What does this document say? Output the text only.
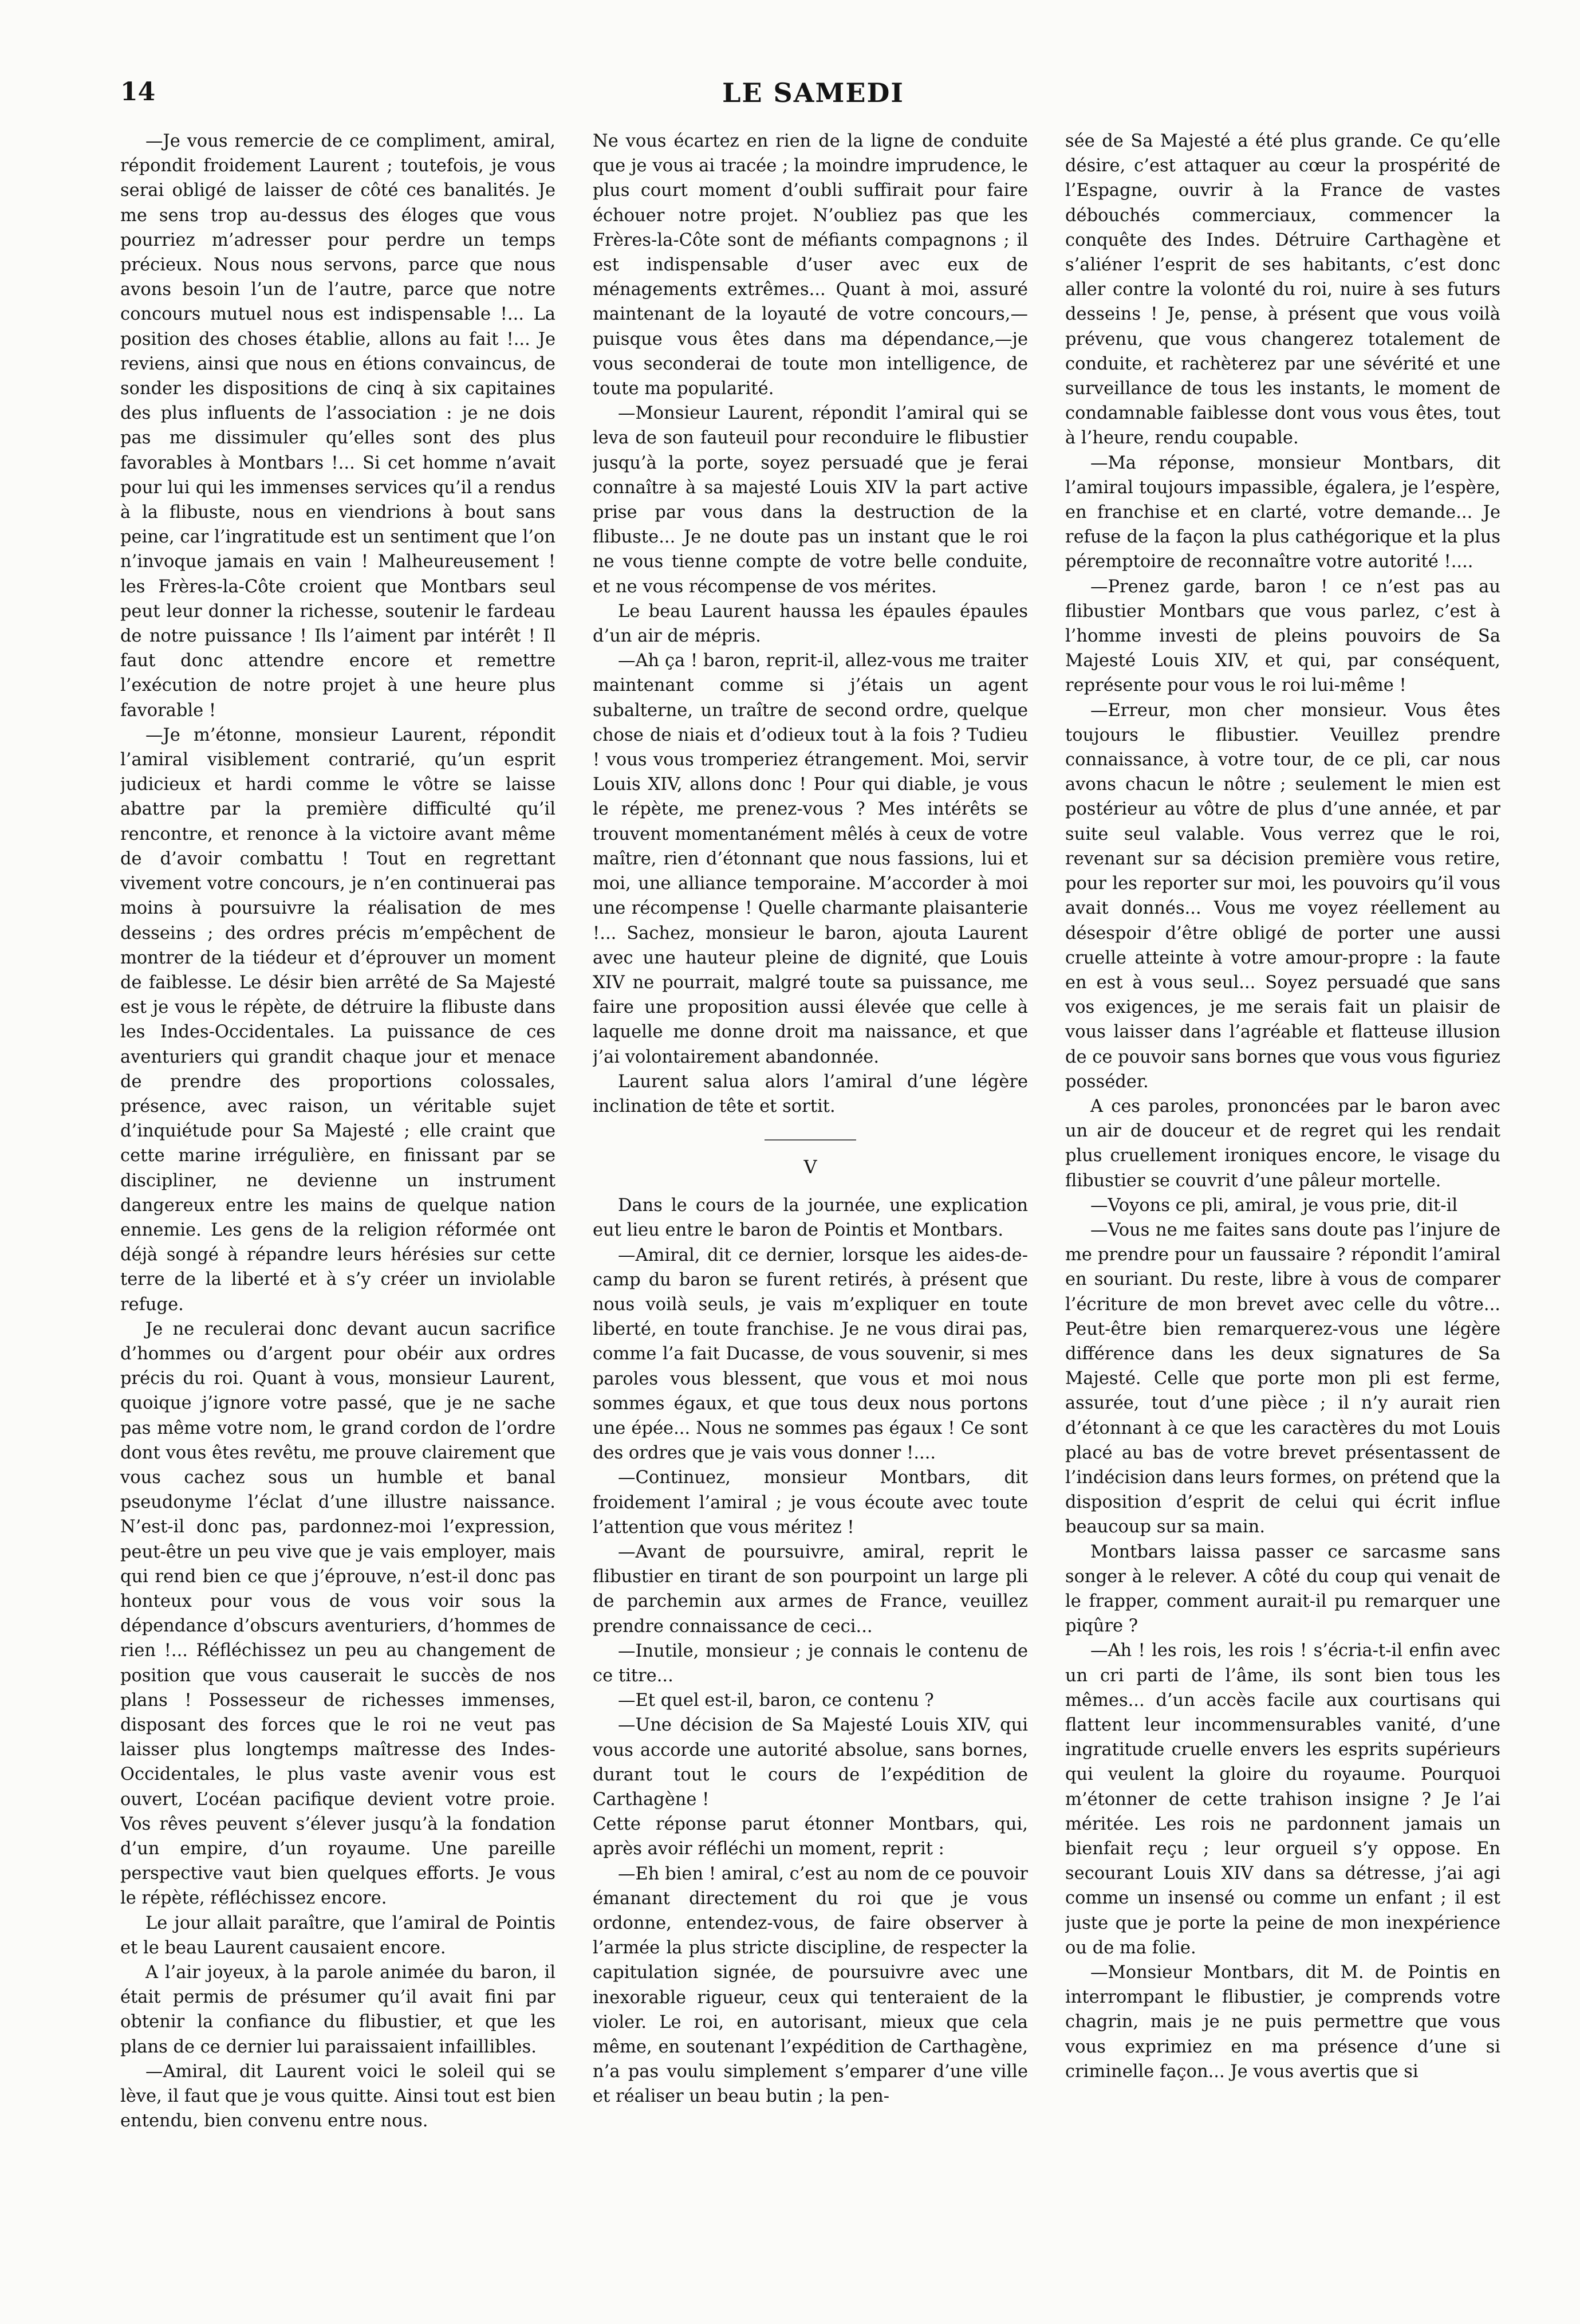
14	LE SAMEDI

—Je vous remercie de ce compliment, amiral, répondit froidement Laurent ; toutefois, je vous serai obligé de laisser de côté ces banalités. Je me sens trop au-dessus des éloges que vous pourriez m’adresser pour perdre un temps précieux. Nous nous servons, parce que nous avons besoin l’un de l’autre, parce que notre concours mutuel nous est indispensable !... La position des choses établie, allons au fait !... Je reviens, ainsi que nous en étions convaincus, de sonder les dispositions de cinq à six capitaines des plus influents de l’association : je ne dois pas me dissimuler qu’elles sont des plus favorables à Montbars !... Si cet homme n’avait pour lui qui les immenses services qu’il a rendus à la flibuste, nous en viendrions à bout sans peine, car l’ingratitude est un sentiment que l’on n’invoque jamais en vain ! Malheureusement ! les Frères-la-Côte croient que Montbars seul peut leur donner la richesse, soutenir le fardeau de notre puissance ! Ils l’aiment par intérêt ! Il faut donc attendre encore et remettre l’exécution de notre projet à une heure plus favorable !

—Je m’étonne, monsieur Laurent, répondit l’amiral visiblement contrarié, qu’un esprit judicieux et hardi comme le vôtre se laisse abattre par la première difficulté qu’il rencontre, et renonce à la victoire avant même de d’avoir combattu ! Tout en regrettant vivement votre concours, je n’en continuerai pas moins à poursuivre la réalisation de mes desseins ; des ordres précis m’empêchent de montrer de la tiédeur et d’éprouver un moment de faiblesse. Le désir bien arrêté de Sa Majesté est je vous le répète, de détruire la flibuste dans les Indes-Occidentales. La puissance de ces aventuriers qui grandit chaque jour et menace de prendre des proportions colossales, présence, avec raison, un véritable sujet d’inquiétude pour Sa Majesté ; elle craint que cette marine irrégulière, en finissant par se discipliner, ne devienne un instrument dangereux entre les mains de quelque nation ennemie. Les gens de la religion réformée ont déjà songé à répandre leurs hérésies sur cette terre de la liberté et à s’y créer un inviolable refuge.

Je ne reculerai donc devant aucun sacrifice d’hommes ou d’argent pour obéir aux ordres précis du roi. Quant à vous, monsieur Laurent, quoique j’ignore votre passé, que je ne sache pas même votre nom, le grand cordon de l’ordre dont vous êtes revêtu, me prouve clairement que vous cachez sous un humble et banal pseudonyme l’éclat d’une illustre naissance. N’est-il donc pas, pardonnez-moi l’expression, peut-être un peu vive que je vais employer, mais qui rend bien ce que j’éprouve, n’est-il donc pas honteux pour vous de vous voir sous la dépendance d’obscurs aventuriers, d’hommes de rien !... Réfléchissez un peu au changement de position que vous causerait le succès de nos plans ! Possesseur de richesses immenses, disposant des forces que le roi ne veut pas laisser plus longtemps maîtresse des Indes-Occidentales, le plus vaste avenir vous est ouvert, L’océan pacifique devient votre proie. Vos rêves peuvent s’élever jusqu’à la fondation d’un empire, d’un royaume. Une pareille perspective vaut bien quelques efforts. Je vous le répète, réfléchissez encore.

Le jour allait paraître, que l’amiral de Pointis et le beau Laurent causaient encore.

A l’air joyeux, à la parole animée du baron, il était permis de présumer qu’il avait fini par obtenir la confiance du flibustier, et que les plans de ce dernier lui paraissaient infaillibles.

—Amiral, dit Laurent voici le soleil qui se lève, il faut que je vous quitte. Ainsi tout est bien entendu, bien convenu entre nous.

Ne vous écartez en rien de la ligne de conduite que je vous ai tracée ; la moindre imprudence, le plus court moment d’oubli suffirait pour faire échouer notre projet. N’oubliez pas que les Frères-la-Côte sont de méfiants compagnons ; il est indispensable d’user avec eux de ménagements extrêmes... Quant à moi, assuré maintenant de la loyauté de votre concours,—puisque vous êtes dans ma dépendance,—je vous seconderai de toute mon intelligence, de toute ma popularité.

—Monsieur Laurent, répondit l’amiral qui se leva de son fauteuil pour reconduire le flibustier jusqu’à la porte, soyez persuadé que je ferai connaître à sa majesté Louis XIV la part active prise par vous dans la destruction de la flibuste... Je ne doute pas un instant que le roi ne vous tienne compte de votre belle conduite, et ne vous récompense de vos mérites.

Le beau Laurent haussa les épaules épaules d’un air de mépris.

—Ah ça ! baron, reprit-il, allez-vous me traiter maintenant comme si j’étais un agent subalterne, un traître de second ordre, quelque chose de niais et d’odieux tout à la fois ? Tudieu ! vous vous tromperiez étrangement. Moi, servir Louis XIV, allons donc ! Pour qui diable, je vous le répète, me prenez-vous ? Mes intérêts se trouvent momentanément mêlés à ceux de votre maître, rien d’étonnant que nous fassions, lui et moi, une alliance temporaine. M’accorder à moi une récompense ! Quelle charmante plaisanterie !... Sachez, monsieur le baron, ajouta Laurent avec une hauteur pleine de dignité, que Louis XIV ne pourrait, malgré toute sa puissance, me faire une proposition aussi élevée que celle à laquelle me donne droit ma naissance, et que j’ai volontairement abandonnée.

Laurent salua alors l’amiral d’une légère inclination de tête et sortit.

V

Dans le cours de la journée, une explication eut lieu entre le baron de Pointis et Montbars.

—Amiral, dit ce dernier, lorsque les aides-de-camp du baron se furent retirés, à présent que nous voilà seuls, je vais m’expliquer en toute liberté, en toute franchise. Je ne vous dirai pas, comme l’a fait Ducasse, de vous souvenir, si mes paroles vous blessent, que vous et moi nous sommes égaux, et que tous deux nous portons une épée... Nous ne sommes pas égaux ! Ce sont des ordres que je vais vous donner !....

—Continuez, monsieur Montbars, dit froidement l’amiral ; je vous écoute avec toute l’attention que vous méritez !

—Avant de poursuivre, amiral, reprit le flibustier en tirant de son pourpoint un large pli de parchemin aux armes de France, veuillez prendre connaissance de ceci...

—Inutile, monsieur ; je connais le contenu de ce titre...

—Et quel est-il, baron, ce contenu ?

—Une décision de Sa Majesté Louis XIV, qui vous accorde une autorité absolue, sans bornes, durant tout le cours de l’expédition de Carthagène !

Cette réponse parut étonner Montbars, qui, après avoir réfléchi un moment, reprit :

—Eh bien ! amiral, c’est au nom de ce pouvoir émanant directement du roi que je vous ordonne, entendez-vous, de faire observer à l’armée la plus stricte discipline, de respecter la capitulation signée, de poursuivre avec une inexorable rigueur, ceux qui tenteraient de la violer. Le roi, en autorisant, mieux que cela même, en soutenant l’expédition de Carthagène, n’a pas voulu simplement s’emparer d’une ville et réaliser un beau butin ; la pen-

sée de Sa Majesté a été plus grande. Ce qu’elle désire, c’est attaquer au cœur la prospérité de l’Espagne, ouvrir à la France de vastes débouchés commerciaux, commencer la conquête des Indes. Détruire Carthagène et s’aliéner l’esprit de ses habitants, c’est donc aller contre la volonté du roi, nuire à ses futurs desseins ! Je, pense, à présent que vous voilà prévenu, que vous changerez totalement de conduite, et rachèterez par une sévérité et une surveillance de tous les instants, le moment de condamnable faiblesse dont vous vous êtes, tout à l’heure, rendu coupable.

—Ma réponse, monsieur Montbars, dit l’amiral toujours impassible, égalera, je l’espère, en franchise et en clarté, votre demande... Je refuse de la façon la plus cathégorique et la plus péremptoire de reconnaître votre autorité !....

—Prenez garde, baron ! ce n’est pas au flibustier Montbars que vous parlez, c’est à l’homme investi de pleins pouvoirs de Sa Majesté Louis XIV, et qui, par conséquent, représente pour vous le roi lui-même !

—Erreur, mon cher monsieur. Vous êtes toujours le flibustier. Veuillez prendre connaissance, à votre tour, de ce pli, car nous avons chacun le nôtre ; seulement le mien est postérieur au vôtre de plus d’une année, et par suite seul valable. Vous verrez que le roi, revenant sur sa décision première vous retire, pour les reporter sur moi, les pouvoirs qu’il vous avait donnés... Vous me voyez réellement au désespoir d’être obligé de porter une aussi cruelle atteinte à votre amour-propre : la faute en est à vous seul... Soyez persuadé que sans vos exigences, je me serais fait un plaisir de vous laisser dans l’agréable et flatteuse illusion de ce pouvoir sans bornes que vous vous figuriez posséder.

A ces paroles, prononcées par le baron avec un air de douceur et de regret qui les rendait plus cruellement ironiques encore, le visage du flibustier se couvrit d’une pâleur mortelle.

—Voyons ce pli, amiral, je vous prie, dit-il

—Vous ne me faites sans doute pas l’injure de me prendre pour un faussaire ? répondit l’amiral en souriant. Du reste, libre à vous de comparer l’écriture de mon brevet avec celle du vôtre... Peut-être bien remarquerez-vous une légère différence dans les deux signatures de Sa Majesté. Celle que porte mon pli est ferme, assurée, tout d’une pièce ; il n’y aurait rien d’étonnant à ce que les caractères du mot Louis placé au bas de votre brevet présentassent de l’indécision dans leurs formes, on prétend que la disposition d’esprit de celui qui écrit influe beaucoup sur sa main.

Montbars laissa passer ce sarcasme sans songer à le relever. A côté du coup qui venait de le frapper, comment aurait-il pu remarquer une piqûre ?

—Ah ! les rois, les rois ! s’écria-t-il enfin avec un cri parti de l’âme, ils sont bien tous les mêmes... d’un accès facile aux courtisans qui flattent leur incommensurables vanité, d’une ingratitude cruelle envers les esprits supérieurs qui veulent la gloire du royaume. Pourquoi m’étonner de cette trahison insigne ? Je l’ai méritée. Les rois ne pardonnent jamais un bienfait reçu ; leur orgueil s’y oppose. En secourant Louis XIV dans sa détresse, j’ai agi comme un insensé ou comme un enfant ; il est juste que je porte la peine de mon inexpérience ou de ma folie.

—Monsieur Montbars, dit M. de Pointis en interrompant le flibustier, je comprends votre chagrin, mais je ne puis permettre que vous vous exprimiez en ma présence d’une si criminelle façon... Je vous avertis que si
